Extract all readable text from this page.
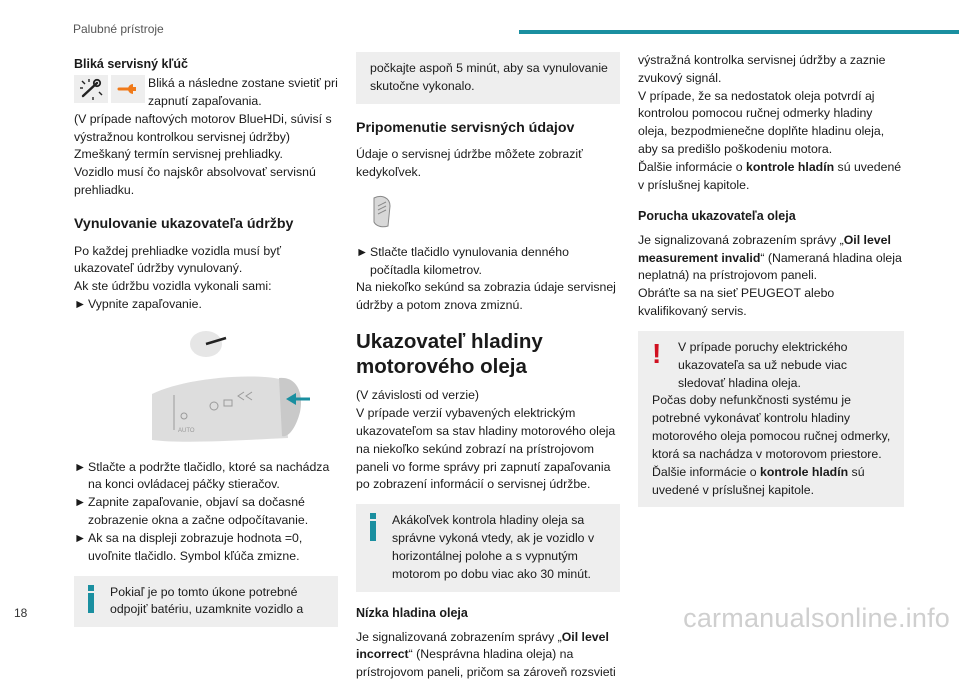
Palubné prístroje
Bliká servisný kľúč
Bliká a následne zostane svietiť pri zapnutí zapaľovania.

(V prípade naftových motorov BlueHDi, súvisí s výstražnou kontrolkou servisnej údržby)

Zmeškaný termín servisnej prehliadky.

Vozidlo musí čo najskôr absolvovať servisnú prehliadku.

Vynulovanie ukazovateľa údržby

Po každej prehliadke vozidla musí byť ukazovateľ údržby vynulovaný.

Ak ste údržbu vozidla vykonali sami:

► Vypnite zapaľovanie.
AUTO
► Stlačte a podržte tlačidlo, ktoré sa nachádza na konci ovládacej páčky stieračov.
► Zapnite zapaľovanie, objaví sa dočasné zobrazenie okna a začne odpočítavanie.
► Ak sa na displeji zobrazuje hodnota =0, uvoľnite tlačidlo. Symbol kľúča zmizne.
Pokiaľ je po tomto úkone potrebné odpojiť batériu, uzamknite vozidlo a
počkajte aspoň 5 minút, aby sa vynulovanie skutočne vykonalo.
Pripomenutie servisných údajov

Údaje o servisnej údržbe môžete zobraziť kedykoľvek.

► Stlačte tlačidlo vynulovania denného počítadla kilometrov.

Na niekoľko sekúnd sa zobrazia údaje servisnej údržby a potom znova zmiznú.

Ukazovateľ hladiny motorového oleja

(V závislosti od verzie)

V prípade verzií vybavených elektrickým ukazovateľom sa stav hladiny motorového oleja na niekoľko sekúnd zobrazí na prístrojovom paneli vo forme správy pri zapnutí zapaľovania po zobrazení informácií o servisnej údržbe.

Akákoľvek kontrola hladiny oleja sa správne vykoná vtedy, ak je vozidlo v horizontálnej polohe a s vypnutým motorom po dobu viac ako 30 minút.
Nízka hladina oleja

Je signalizovaná zobrazením správy „Oil level incorrect“ (Nesprávna hladina oleja) na prístrojovom paneli, pričom sa zároveň rozsvieti

výstražná kontrolka servisnej údržby a zaznie zvukový signál.

V prípade, že sa nedostatok oleja potvrdí aj kontrolou pomocou ručnej odmerky hladiny oleja, bezpodmienečne doplňte hladinu oleja, aby sa predišlo poškodeniu motora.

Ďalšie informácie o kontrole hladín sú uvedené v príslušnej kapitole.

Porucha ukazovateľa oleja

Je signalizovaná zobrazením správy „Oil level measurement invalid“ (Nameraná hladina oleja neplatná) na prístrojovom paneli.

Obráťte sa na sieť PEUGEOT alebo kvalifikovaný servis.

!	V prípade poruchy elektrického ukazovateľa sa už nebude viac sledovať hladina oleja.

Počas doby nefunkčnosti systému je potrebné vykonávať kontrolu hladiny motorového oleja pomocou ručnej odmerky, ktorá sa nachádza v motorovom priestore.

Ďalšie informácie o kontrole hladín sú uvedené v príslušnej kapitole.

18	carmanualsonline.info
